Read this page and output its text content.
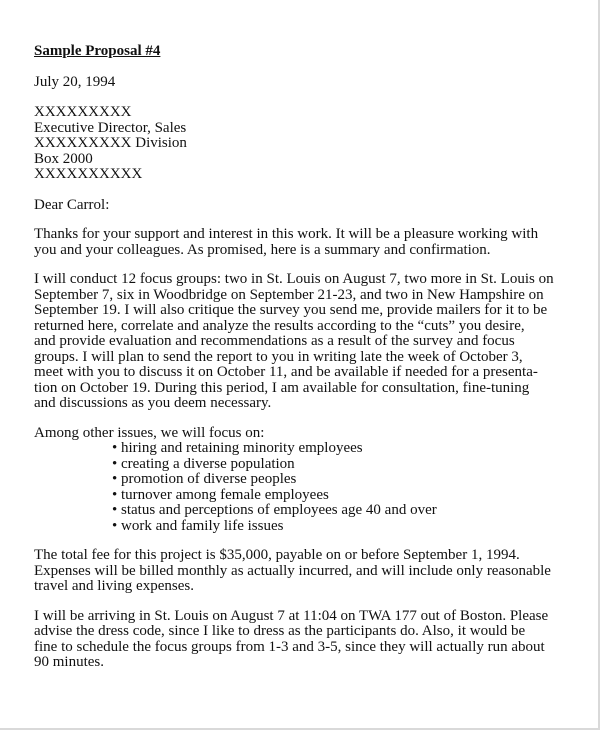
Sample Proposal #4
July 20, 1994
XXXXXXXXX
Executive Director, Sales
XXXXXXXXX Division
Box 2000
XXXXXXXXXX
Dear Carrol:
Thanks for your support and interest in this work. It will be a pleasure working with
you and your colleagues. As promised, here is a summary and confirmation.
I will conduct 12 focus groups: two in St. Louis on August 7, two more in St. Louis on
September 7, six in Woodbridge on September 21-23, and two in New Hampshire on
September 19. I will also critique the survey you send me, provide mailers for it to be
returned here, correlate and analyze the results according to the “cuts” you desire,
and provide evaluation and recommendations as a result of the survey and focus
groups. I will plan to send the report to you in writing late the week of October 3,
meet with you to discuss it on October 11, and be available if needed for a presenta-
tion on October 19. During this period, I am available for consultation, fine-tuning
and discussions as you deem necessary.
Among other issues, we will focus on:
• hiring and retaining minority employees
• creating a diverse population
• promotion of diverse peoples
• turnover among female employees
• status and perceptions of employees age 40 and over
• work and family life issues
The total fee for this project is $35,000, payable on or before September 1, 1994.
Expenses will be billed monthly as actually incurred, and will include only reasonable
travel and living expenses.
I will be arriving in St. Louis on August 7 at 11:04 on TWA 177 out of Boston. Please
advise the dress code, since I like to dress as the participants do. Also, it would be
fine to schedule the focus groups from 1-3 and 3-5, since they will actually run about
90 minutes.
